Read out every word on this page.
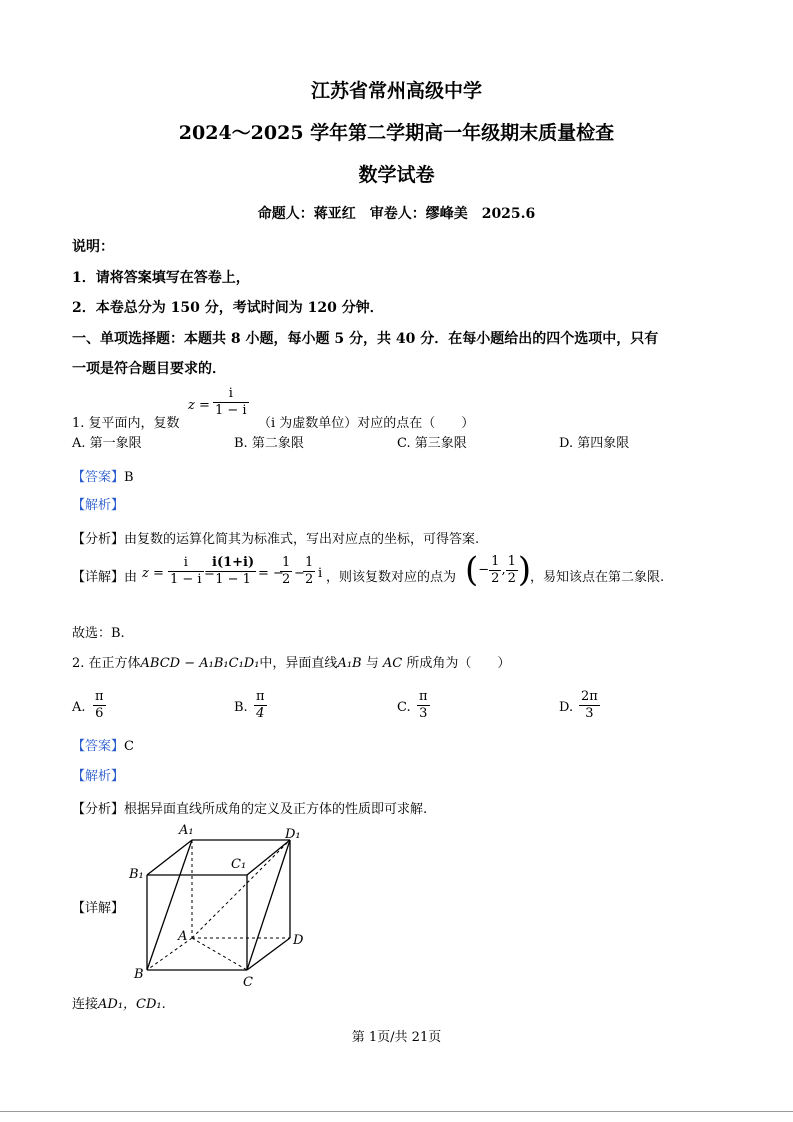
江苏省常州高级中学
2024～2025 学年第二学期高一年级期末质量检查
数学试卷
命题人：蒋亚红　审卷人：缪峰美　2025.6
说明：
1．请将答案填写在答卷上，
2．本卷总分为 150 分，考试时间为 120 分钟．
一、单项选择题：本题共 8 小题，每小题 5 分，共 40 分．在每小题给出的四个选项中，只有
一项是符合题目要求的．
1. 复平面内，复数
$z = \frac{i}{1 - i}$
（i 为虚数单位）对应的点在（　　）
A. 第一象限	B. 第二象限	C. 第三象限	D. 第四象限
【答案】B
【解析】
【分析】由复数的运算化简其为标准式，写出对应点的坐标，可得答案.
【详解】由 $z = \frac{i}{1 - i}$ =
$\frac{i(1+i)}{1 - 1}$ = −
$\frac{1}{2}$ −
$\frac{1}{2}$ i ，则该复数对应的点为 (− $\frac{1}{2}$ , $\frac{1}{2}$ )
，易知该点在第二象限.
故选：B.
2. 在正方体ABCD − A₁B₁C₁D₁中，异面直线A₁B 与 AC 所成角为（　　）
A. $\frac{\pi}{6}$	B. $\frac{\pi}{4}$	C. $\frac{\pi}{3}$	D. $\frac{2\pi}{3}$
【答案】C
【解析】
【分析】根据异面直线所成角的定义及正方体的性质即可求解.
【详解】
A₁	D₁
B₁
C₁
A	D
B
C
连接AD₁，CD₁.
第 1页/共 21页
